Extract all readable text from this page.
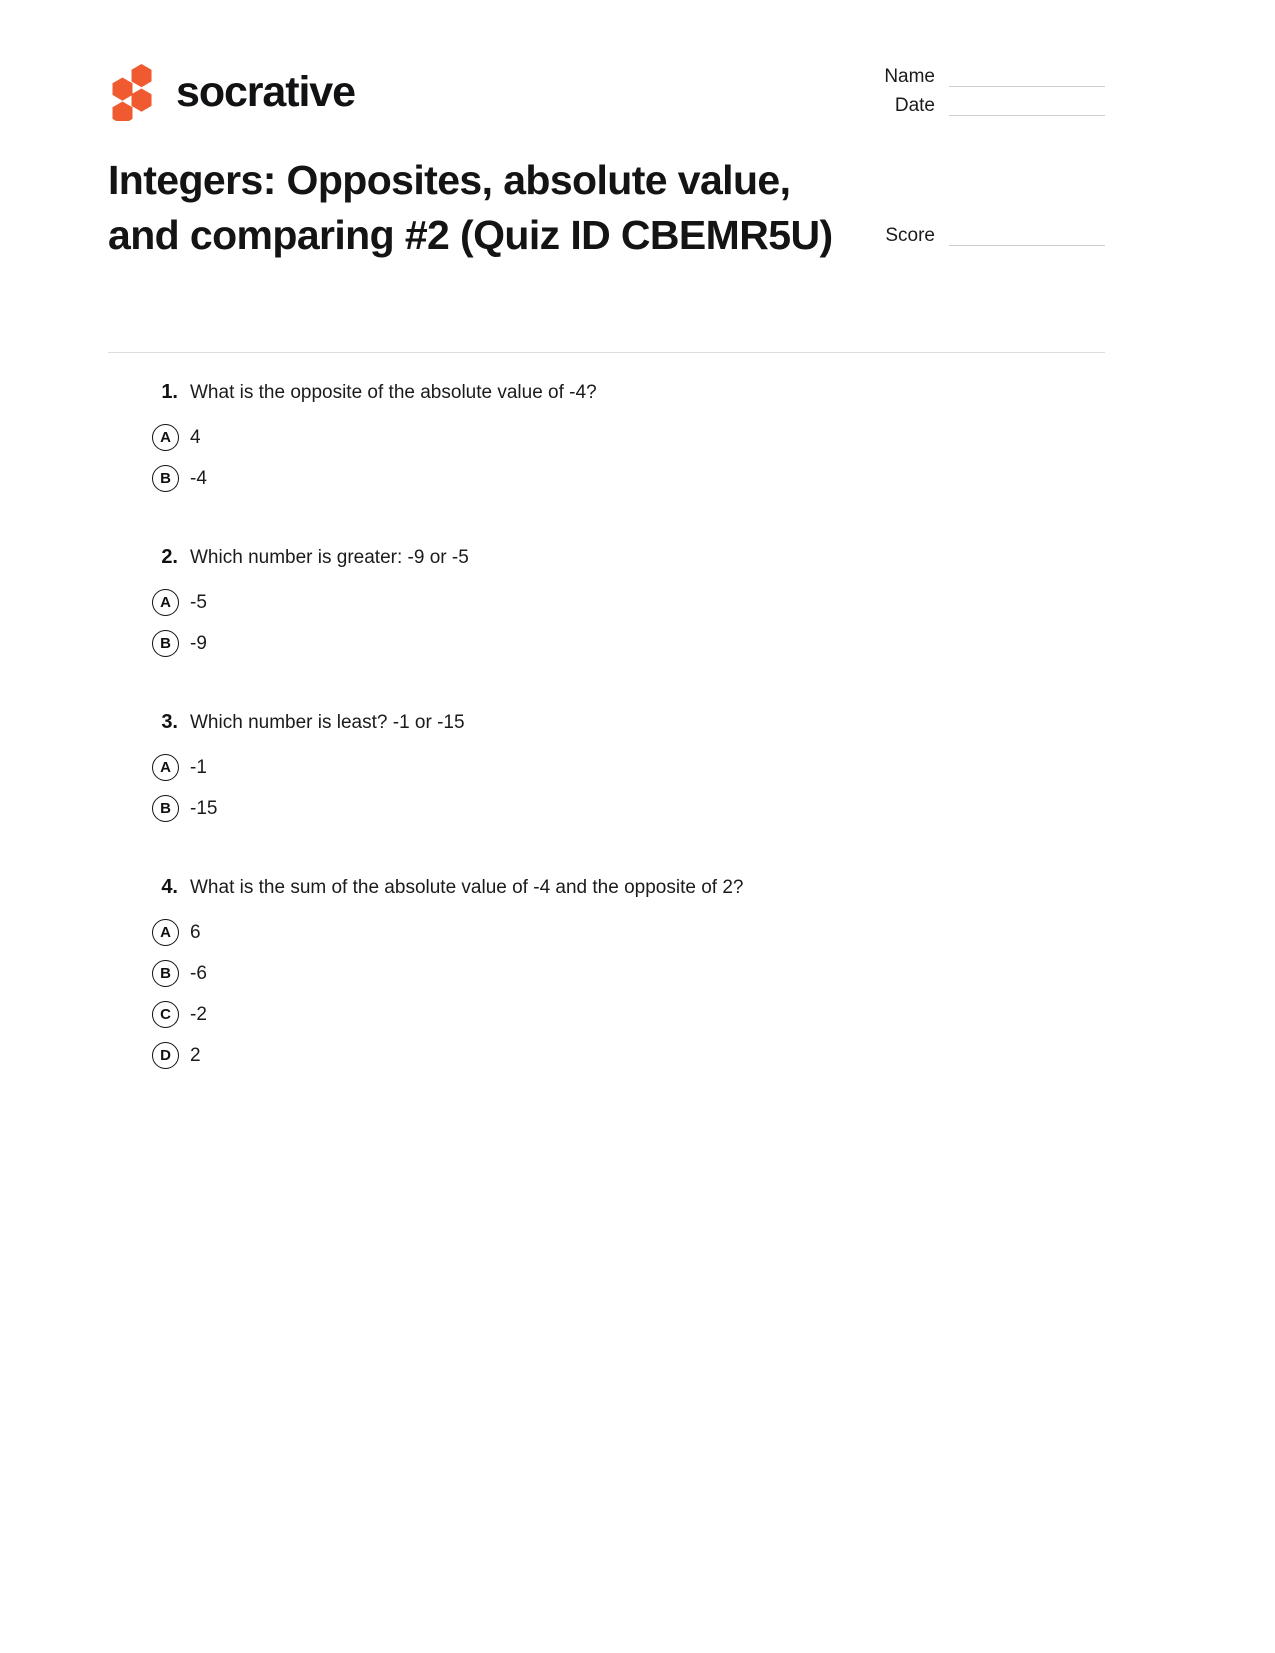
socrative	Name
Date
Score
Integers: Opposites, absolute value, and comparing #2 (Quiz ID CBEMR5U)
1. What is the opposite of the absolute value of -4?
A	4
B	-4
2. Which number is greater: -9 or -5
A	-5
B	-9
3. Which number is least? -1 or -15
A	-1
B	-15
4. What is the sum of the absolute value of -4 and the opposite of 2?
A	6
B	-6
C	-2
D	2
